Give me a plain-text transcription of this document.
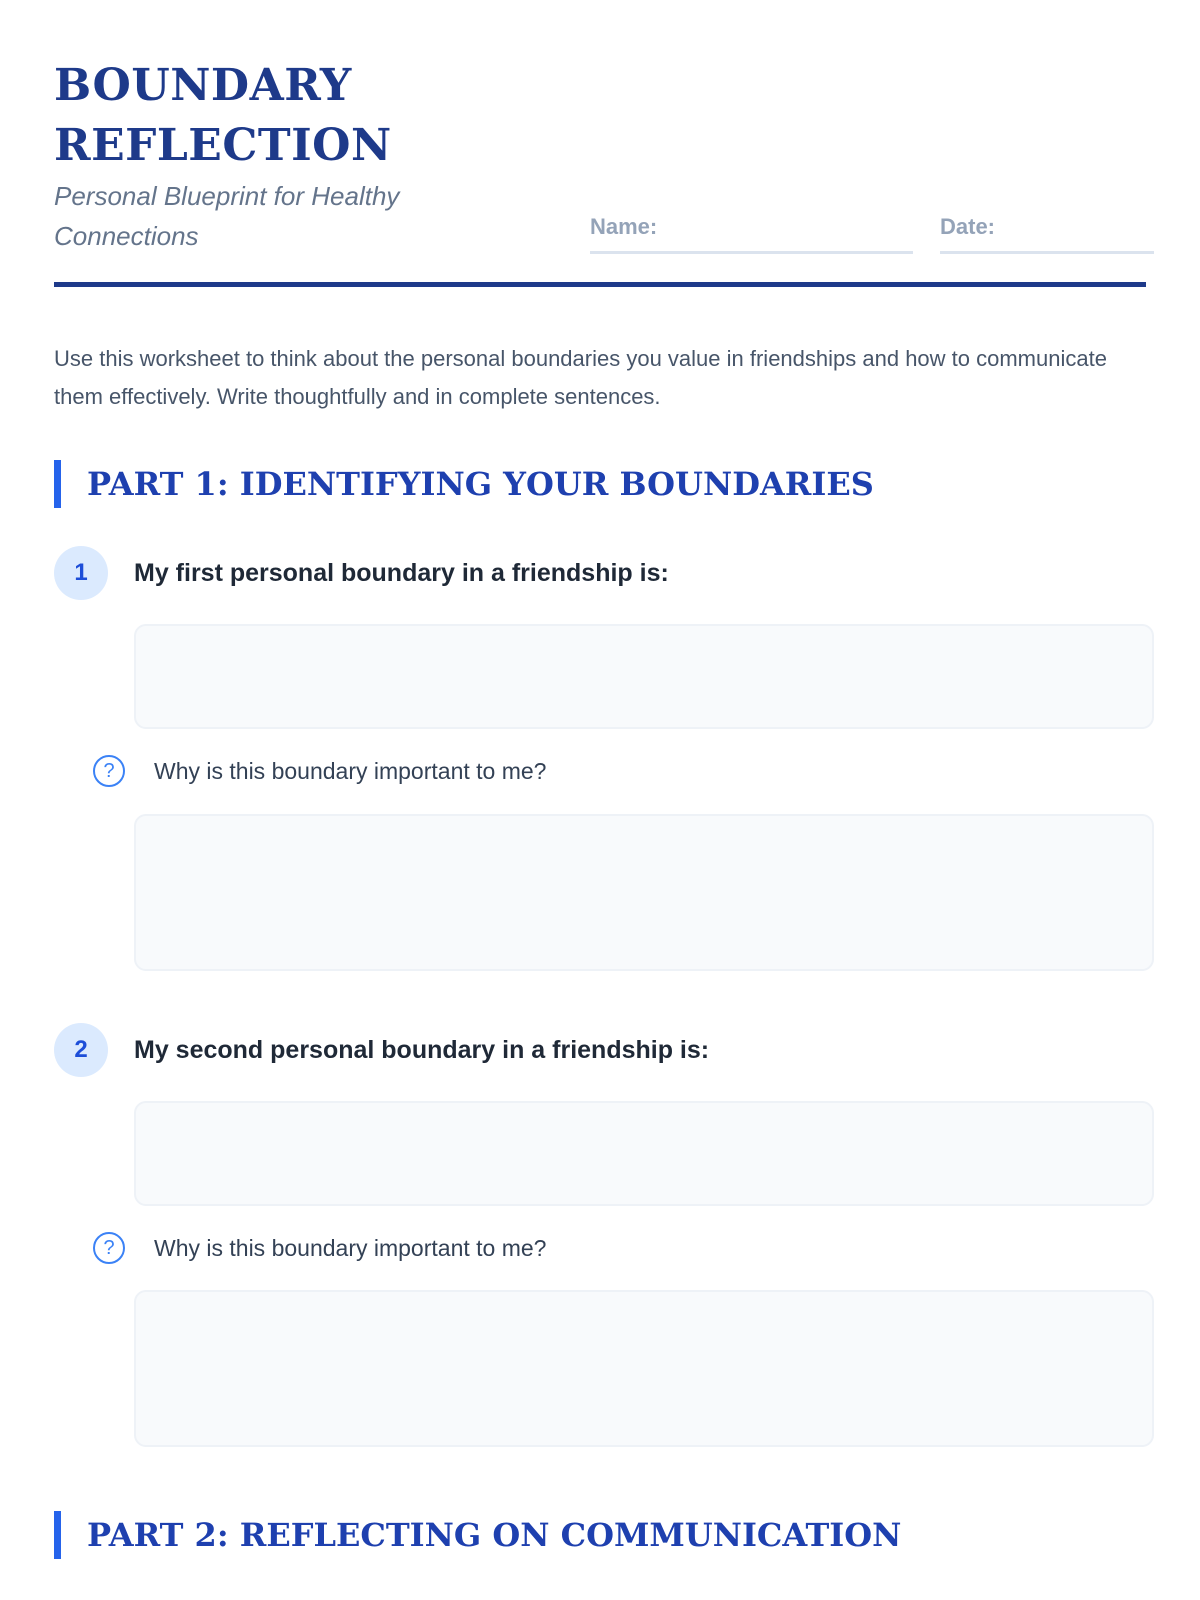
BOUNDARY
REFLECTION
Personal Blueprint for Healthy Connections	Name:	Date:
Use this worksheet to think about the personal boundaries you value in friendships and how to communicate them effectively. Write thoughtfully and in complete sentences.
PART 1: IDENTIFYING YOUR BOUNDARIES
1	My first personal boundary in a friendship is:
?	Why is this boundary important to me?
2	My second personal boundary in a friendship is:
?	Why is this boundary important to me?
PART 2: REFLECTING ON COMMUNICATION
